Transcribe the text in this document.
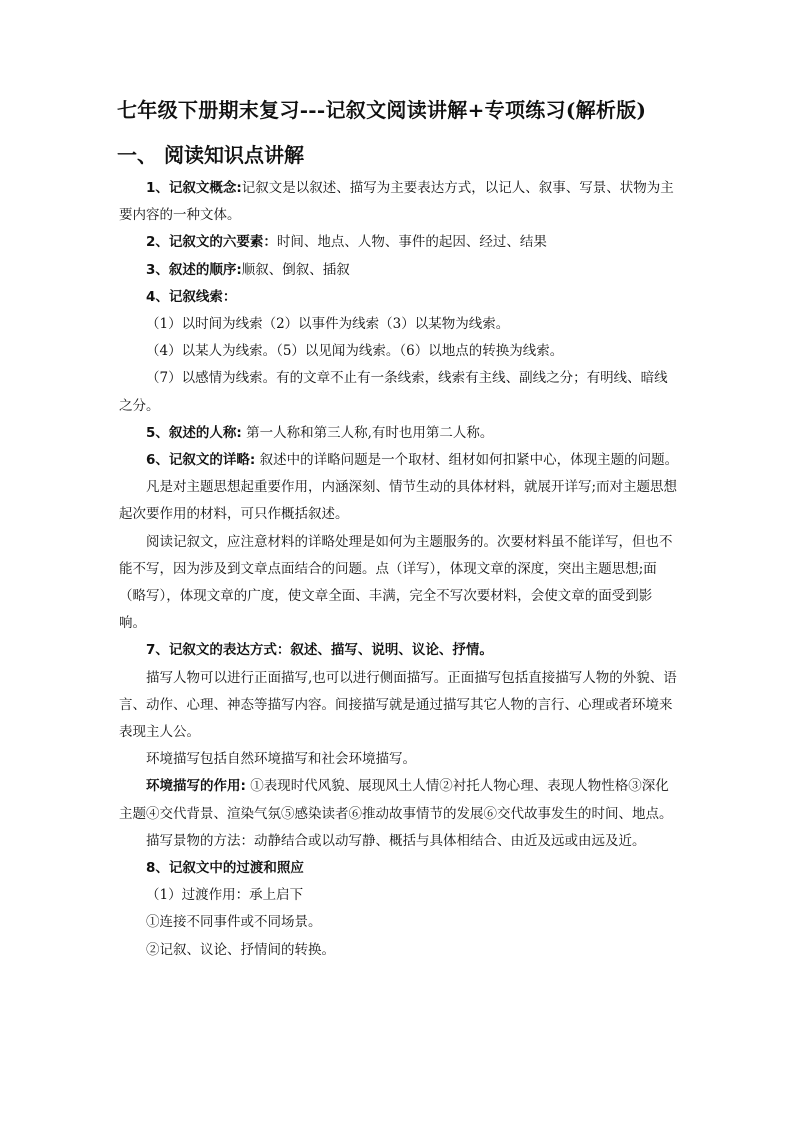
七年级下册期末复习---记叙文阅读讲解+专项练习(解析版)
一、 阅读知识点讲解

1、记叙文概念:记叙文是以叙述、描写为主要表达方式，以记人、叙事、写景、状物为主要内容的一种文体。

2、记叙文的六要素：时间、地点、人物、事件的起因、经过、结果

3、叙述的顺序:顺叙、倒叙、插叙

4、记叙线索：

（1）以时间为线索（2）以事件为线索（3）以某物为线索。

（4）以某人为线索。（5）以见闻为线索。（6）以地点的转换为线索。

（7）以感情为线索。有的文章不止有一条线索，线索有主线、副线之分；有明线、暗线之分。

5、叙述的人称: 第一人称和第三人称,有时也用第二人称。

6、记叙文的详略: 叙述中的详略问题是一个取材、组材如何扣紧中心，体现主题的问题。

凡是对主题思想起重要作用，内涵深刻、情节生动的具体材料，就展开详写;而对主题思想起次要作用的材料，可只作概括叙述。

阅读记叙文，应注意材料的详略处理是如何为主题服务的。次要材料虽不能详写，但也不能不写，因为涉及到文章点面结合的问题。点（详写），体现文章的深度，突出主题思想;面（略写），体现文章的广度，使文章全面、丰满，完全不写次要材料，会使文章的面受到影响。

7、记叙文的表达方式：叙述、描写、说明、议论、抒情。

描写人物可以进行正面描写,也可以进行侧面描写。正面描写包括直接描写人物的外貌、语言、动作、心理、神态等描写内容。间接描写就是通过描写其它人物的言行、心理或者环境来表现主人公。

环境描写包括自然环境描写和社会环境描写。

环境描写的作用: ①表现时代风貌、展现风土人情②衬托人物心理、表现人物性格③深化主题④交代背景、渲染气氛⑤感染读者⑥推动故事情节的发展⑥交代故事发生的时间、地点。

描写景物的方法：动静结合或以动写静、概括与具体相结合、由近及远或由远及近。

8、记叙文中的过渡和照应

（1）过渡作用：承上启下

①连接不同事件或不同场景。

②记叙、议论、抒情间的转换。
